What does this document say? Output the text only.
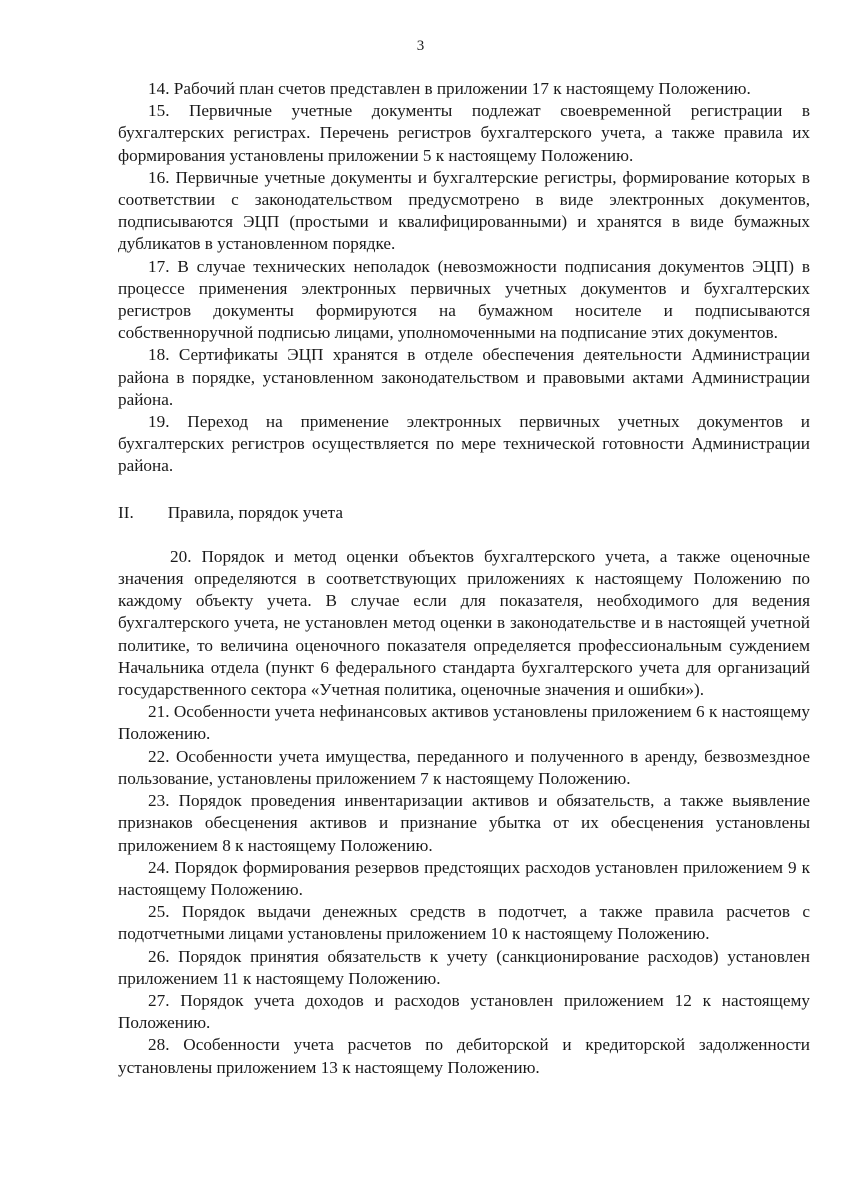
3

14. Рабочий план счетов представлен в приложении 17 к настоящему Положению.

15. Первичные учетные документы подлежат своевременной регистрации в бухгалтерских регистрах. Перечень регистров бухгалтерского учета, а также правила их формирования установлены приложении 5 к настоящему Положению.

16. Первичные учетные документы и бухгалтерские регистры, формирование которых в соответствии с законодательством предусмотрено в виде электронных документов, подписываются ЭЦП (простыми и квалифицированными) и хранятся в виде бумажных дубликатов в установленном порядке.

17. В случае технических неполадок (невозможности подписания документов ЭЦП) в процессе применения электронных первичных учетных документов и бухгалтерских регистров документы формируются на бумажном носителе и подписываются собственноручной подписью лицами, уполномоченными на подписание этих документов.

18. Сертификаты ЭЦП хранятся в отделе обеспечения деятельности Администрации района в порядке, установленном законодательством и правовыми актами Администрации района.

19. Переход на применение электронных первичных учетных документов и бухгалтерских регистров осуществляется по мере технической готовности Администрации района.

II. Правила, порядок учета

20. Порядок и метод оценки объектов бухгалтерского учета, а также оценочные значения определяются в соответствующих приложениях к настоящему Положению по каждому объекту учета. В случае если для показателя, необходимого для ведения бухгалтерского учета, не установлен метод оценки в законодательстве и в настоящей учетной политике, то величина оценочного показателя определяется профессиональным суждением Начальника отдела (пункт 6 федерального стандарта бухгалтерского учета для организаций государственного сектора «Учетная политика, оценочные значения и ошибки»).

21. Особенности учета нефинансовых активов установлены приложением 6 к настоящему Положению.

22. Особенности учета имущества, переданного и полученного в аренду, безвозмездное пользование, установлены приложением 7 к настоящему Положению.

23. Порядок проведения инвентаризации активов и обязательств, а также выявление признаков обесценения активов и признание убытка от их обесценения установлены приложением 8 к настоящему Положению.

24. Порядок формирования резервов предстоящих расходов установлен приложением 9 к настоящему Положению.

25. Порядок выдачи денежных средств в подотчет, а также правила расчетов с подотчетными лицами установлены приложением 10 к настоящему Положению.

26. Порядок принятия обязательств к учету (санкционирование расходов) установлен приложением 11 к настоящему Положению.

27. Порядок учета доходов и расходов установлен приложением 12 к настоящему Положению.

28. Особенности учета расчетов по дебиторской и кредиторской задолженности установлены приложением 13 к настоящему Положению.
